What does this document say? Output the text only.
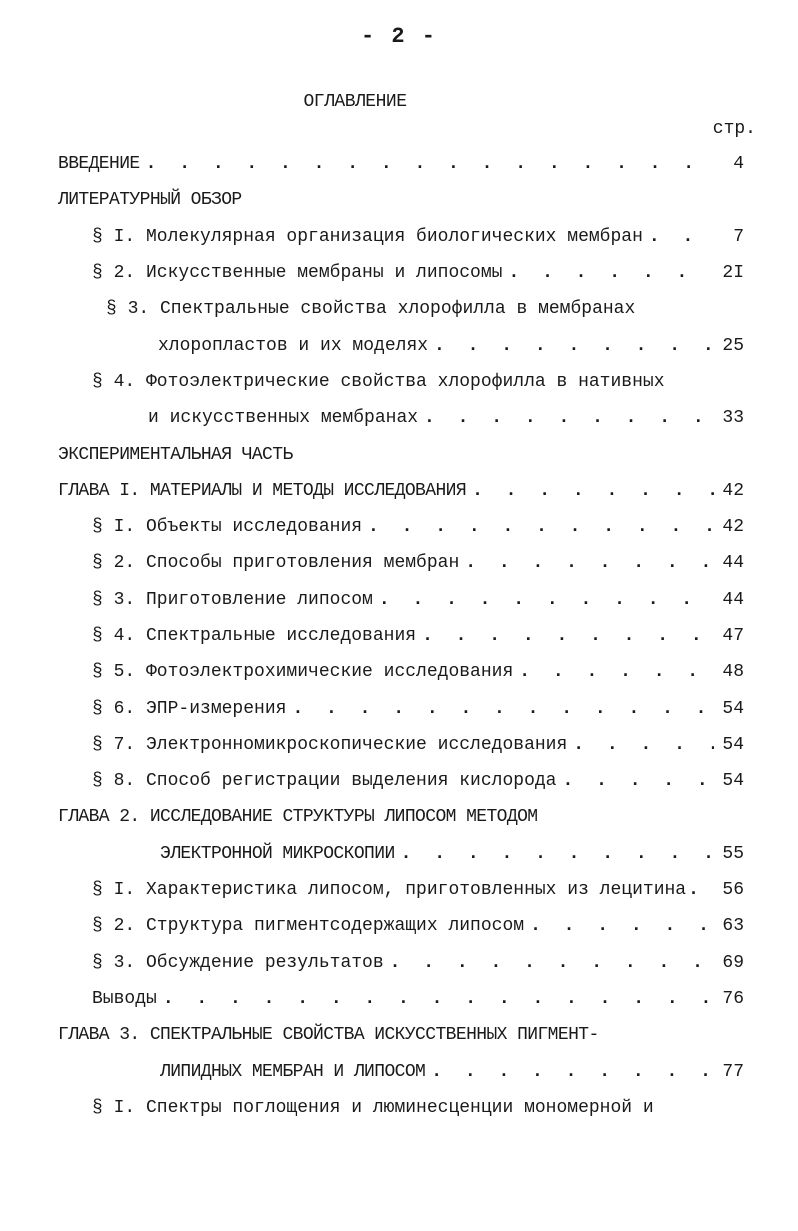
- 2 -
ОГЛАВЛЕНИЕ
стр.
ВВЕДЕНИЕ . . .	4
ЛИТЕРАТУРНЫЙ ОБЗОР
§ I. Молекулярная организация биологических мембран . . .	7
§ 2. Искусственные мембраны и липосомы . . .	2I
§ 3. Спектральные свойства хлорофилла в мембранах
хлоропластов и их моделях . . .	25
§ 4. Фотоэлектрические свойства хлорофилла в нативных
и искусственных мембранах . . .	33
ЭКСПЕРИМЕНТАЛЬНАЯ ЧАСТЬ
ГЛАВА I. МАТЕРИАЛЫ И МЕТОДЫ ИССЛЕДОВАНИЯ . . .	42
§ I. Объекты исследования . . .	42
§ 2. Способы приготовления мембран . . .	44
§ 3. Приготовление липосом . . .	44
§ 4. Спектральные исследования . . .	47
§ 5. Фотоэлектрохимические исследования . . .	48
§ 6. ЭПР-измерения . . .	54
§ 7. Электронномикроскопические исследования . . .	54
§ 8. Способ регистрации выделения кислорода . . .	54
ГЛАВА 2. ИССЛЕДОВАНИЕ СТРУКТУРЫ ЛИПОСОМ МЕТОДОМ
ЭЛЕКТРОННОЙ МИКРОСКОПИИ . . .	55
§ I. Характеристика липосом, приготовленных из лецитина . . . 56
§ 2. Структура пигментсодержащих липосом . . .	63
§ 3. Обсуждение результатов . . .	69
Выводы . . .	76
ГЛАВА 3. СПЕКТРАЛЬНЫЕ СВОЙСТВА ИСКУССТВЕННЫХ ПИГМЕНТ-
ЛИПИДНЫХ МЕМБРАН И ЛИПОСОМ . . .	77
§ I. Спектры поглощения и люминесценции мономерной и
